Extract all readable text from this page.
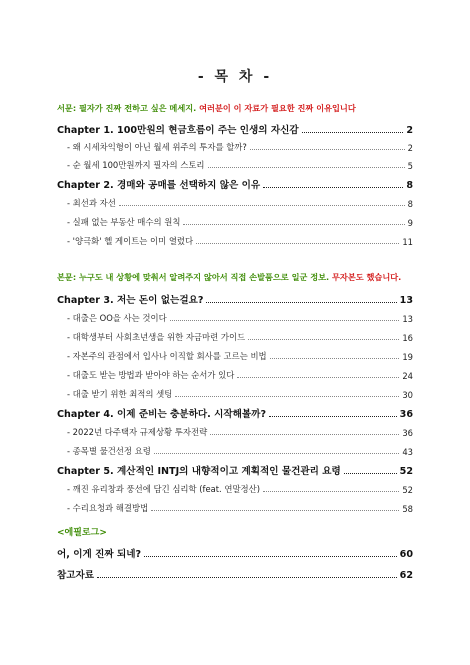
- 목 차 -
서문: 필자가 진짜 전하고 싶은 메세지. 여러분이 이 자료가 필요한 진짜 이유입니다
Chapter 1. 100만원의 현금흐름이 주는 인생의 자신감	2
- 왜 시세차익형이 아닌 월세 위주의 투자를 할까?	2
- 순 월세 100만원까지 필자의 스토리	5
Chapter 2. 경매와 공매를 선택하지 않은 이유	8
- 최선과 자선	8
- 실패 없는 부동산 매수의 원칙	9
- '양극화' 헬 게이트는 이미 열렸다	11
본문: 누구도 내 상황에 맞춰서 알려주지 않아서 직접 손발품으로 일군 정보. 무자본도 했습니다.
Chapter 3. 저는 돈이 없는걸요?	13
- 대출은 OO을 사는 것이다	13
- 대학생부터 사회초년생을 위한 자금마련 가이드	16
- 자본주의 관점에서 입사나 이직할 회사를 고르는 비법	19
- 대출도 받는 방법과 받아야 하는 순서가 있다	24
- 대출 받기 위한 최적의 셋팅	30
Chapter 4. 이제 준비는 충분하다. 시작해볼까?	36
- 2022년 다주택자 규제상황 투자전략	36
- 종목별 물건선정 요령	43
Chapter 5. 계산적인 INTJ의 내향적이고 계획적인 물건관리 요령	52
- 깨진 유리창과 풍선에 담긴 심리학 (feat. 연말정산)	52
- 수리요청과 해결방법	58
<에필로그>
어, 이게 진짜 되네?	60
참고자료	62
